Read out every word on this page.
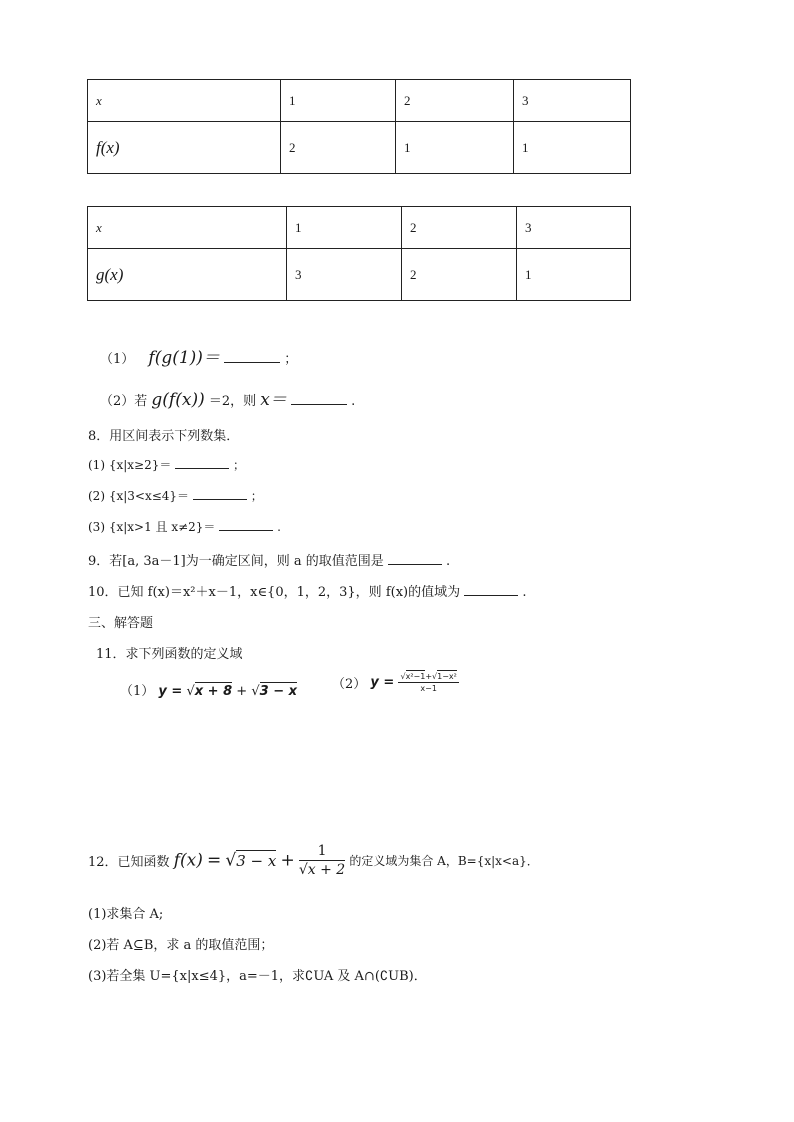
x	1	2	3
f(x)	2	1	1
x	1	2	3
g(x)	3	2	1
（1） f(g(1))＝	；
（2）若 g(f(x)) ＝2，则 x＝	.
8．用区间表示下列数集．
(1) {x|x≥2}＝	；
(2) {x|3<x≤4}＝	；
(3) {x|x>1 且 x≠2}＝	.
9．若[a, 3a－1]为一确定区间，则 a 的取值范围是	.
10．已知 f(x)＝x²＋x－1，x∈{0，1，2，3}，则 f(x)的值域为	.
三、解答题
11．求下列函数的定义域
（1） y = √x + 8 + √3 − x	（2） $y = \frac{\text{√x²−1+√1−x²}}{x-1}$
12．已知函数 $f(x) = √3 - x + \frac{1}{√x + 2}$ 的定义域为集合 A，B={x|x<a}．
(1)求集合 A;
(2)若 A⊆B，求 a 的取值范围；
(3)若全集 U={x|x≤4}，a=－1，求∁UA 及 A∩(∁UB)．
